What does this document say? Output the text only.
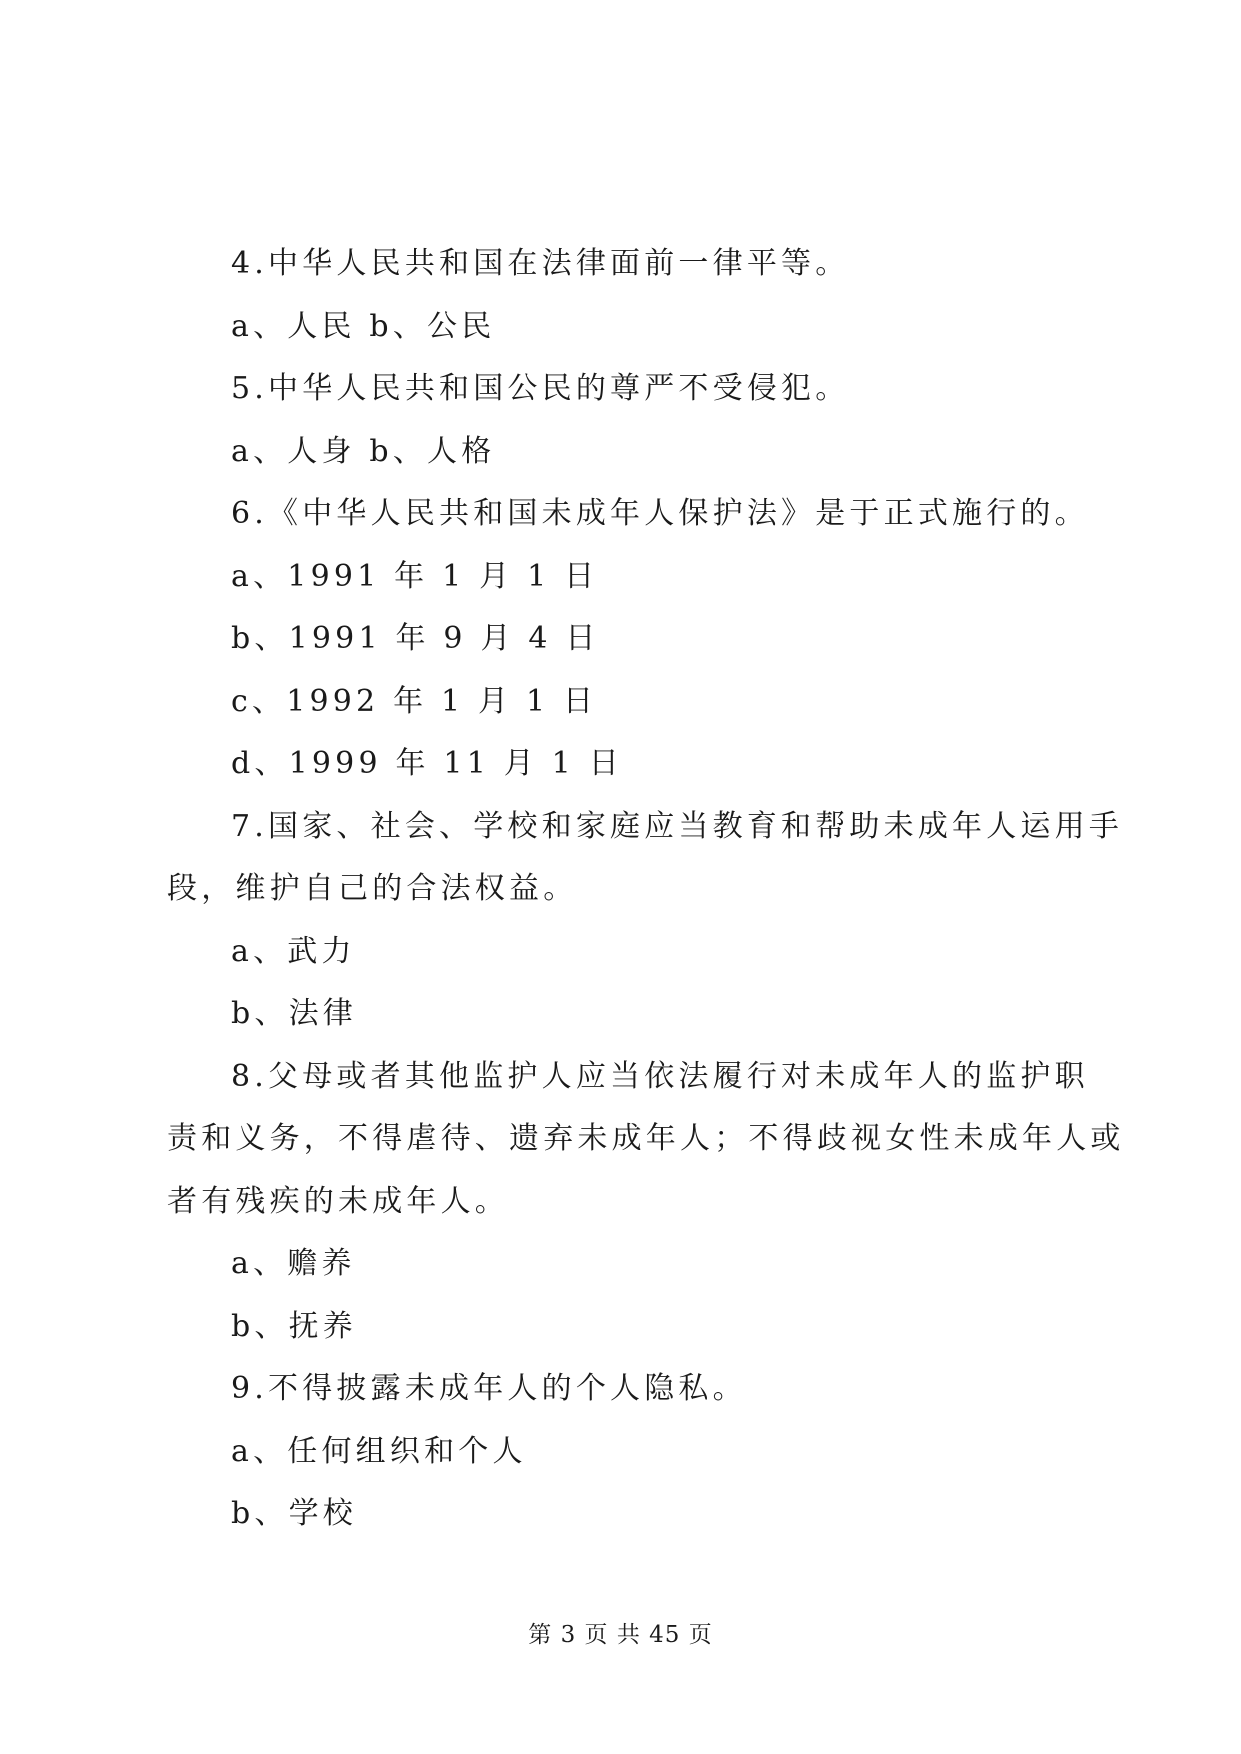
4.中华人民共和国在法律面前一律平等。
a、人民 b、公民
5.中华人民共和国公民的尊严不受侵犯。
a、人身 b、人格
6.《中华人民共和国未成年人保护法》是于正式施行的。
a、1991 年 1 月 1 日
b、1991 年 9 月 4 日
c、1992 年 1 月 1 日
d、1999 年 11 月 1 日
7.国家、社会、学校和家庭应当教育和帮助未成年人运用手
段，维护自己的合法权益。
a、武力
b、法律
8.父母或者其他监护人应当依法履行对未成年人的监护职
责和义务，不得虐待、遗弃未成年人；不得歧视女性未成年人或
者有残疾的未成年人。
a、赡养
b、抚养
9.不得披露未成年人的个人隐私。
a、任何组织和个人
b、学校
第 3 页 共 45 页
